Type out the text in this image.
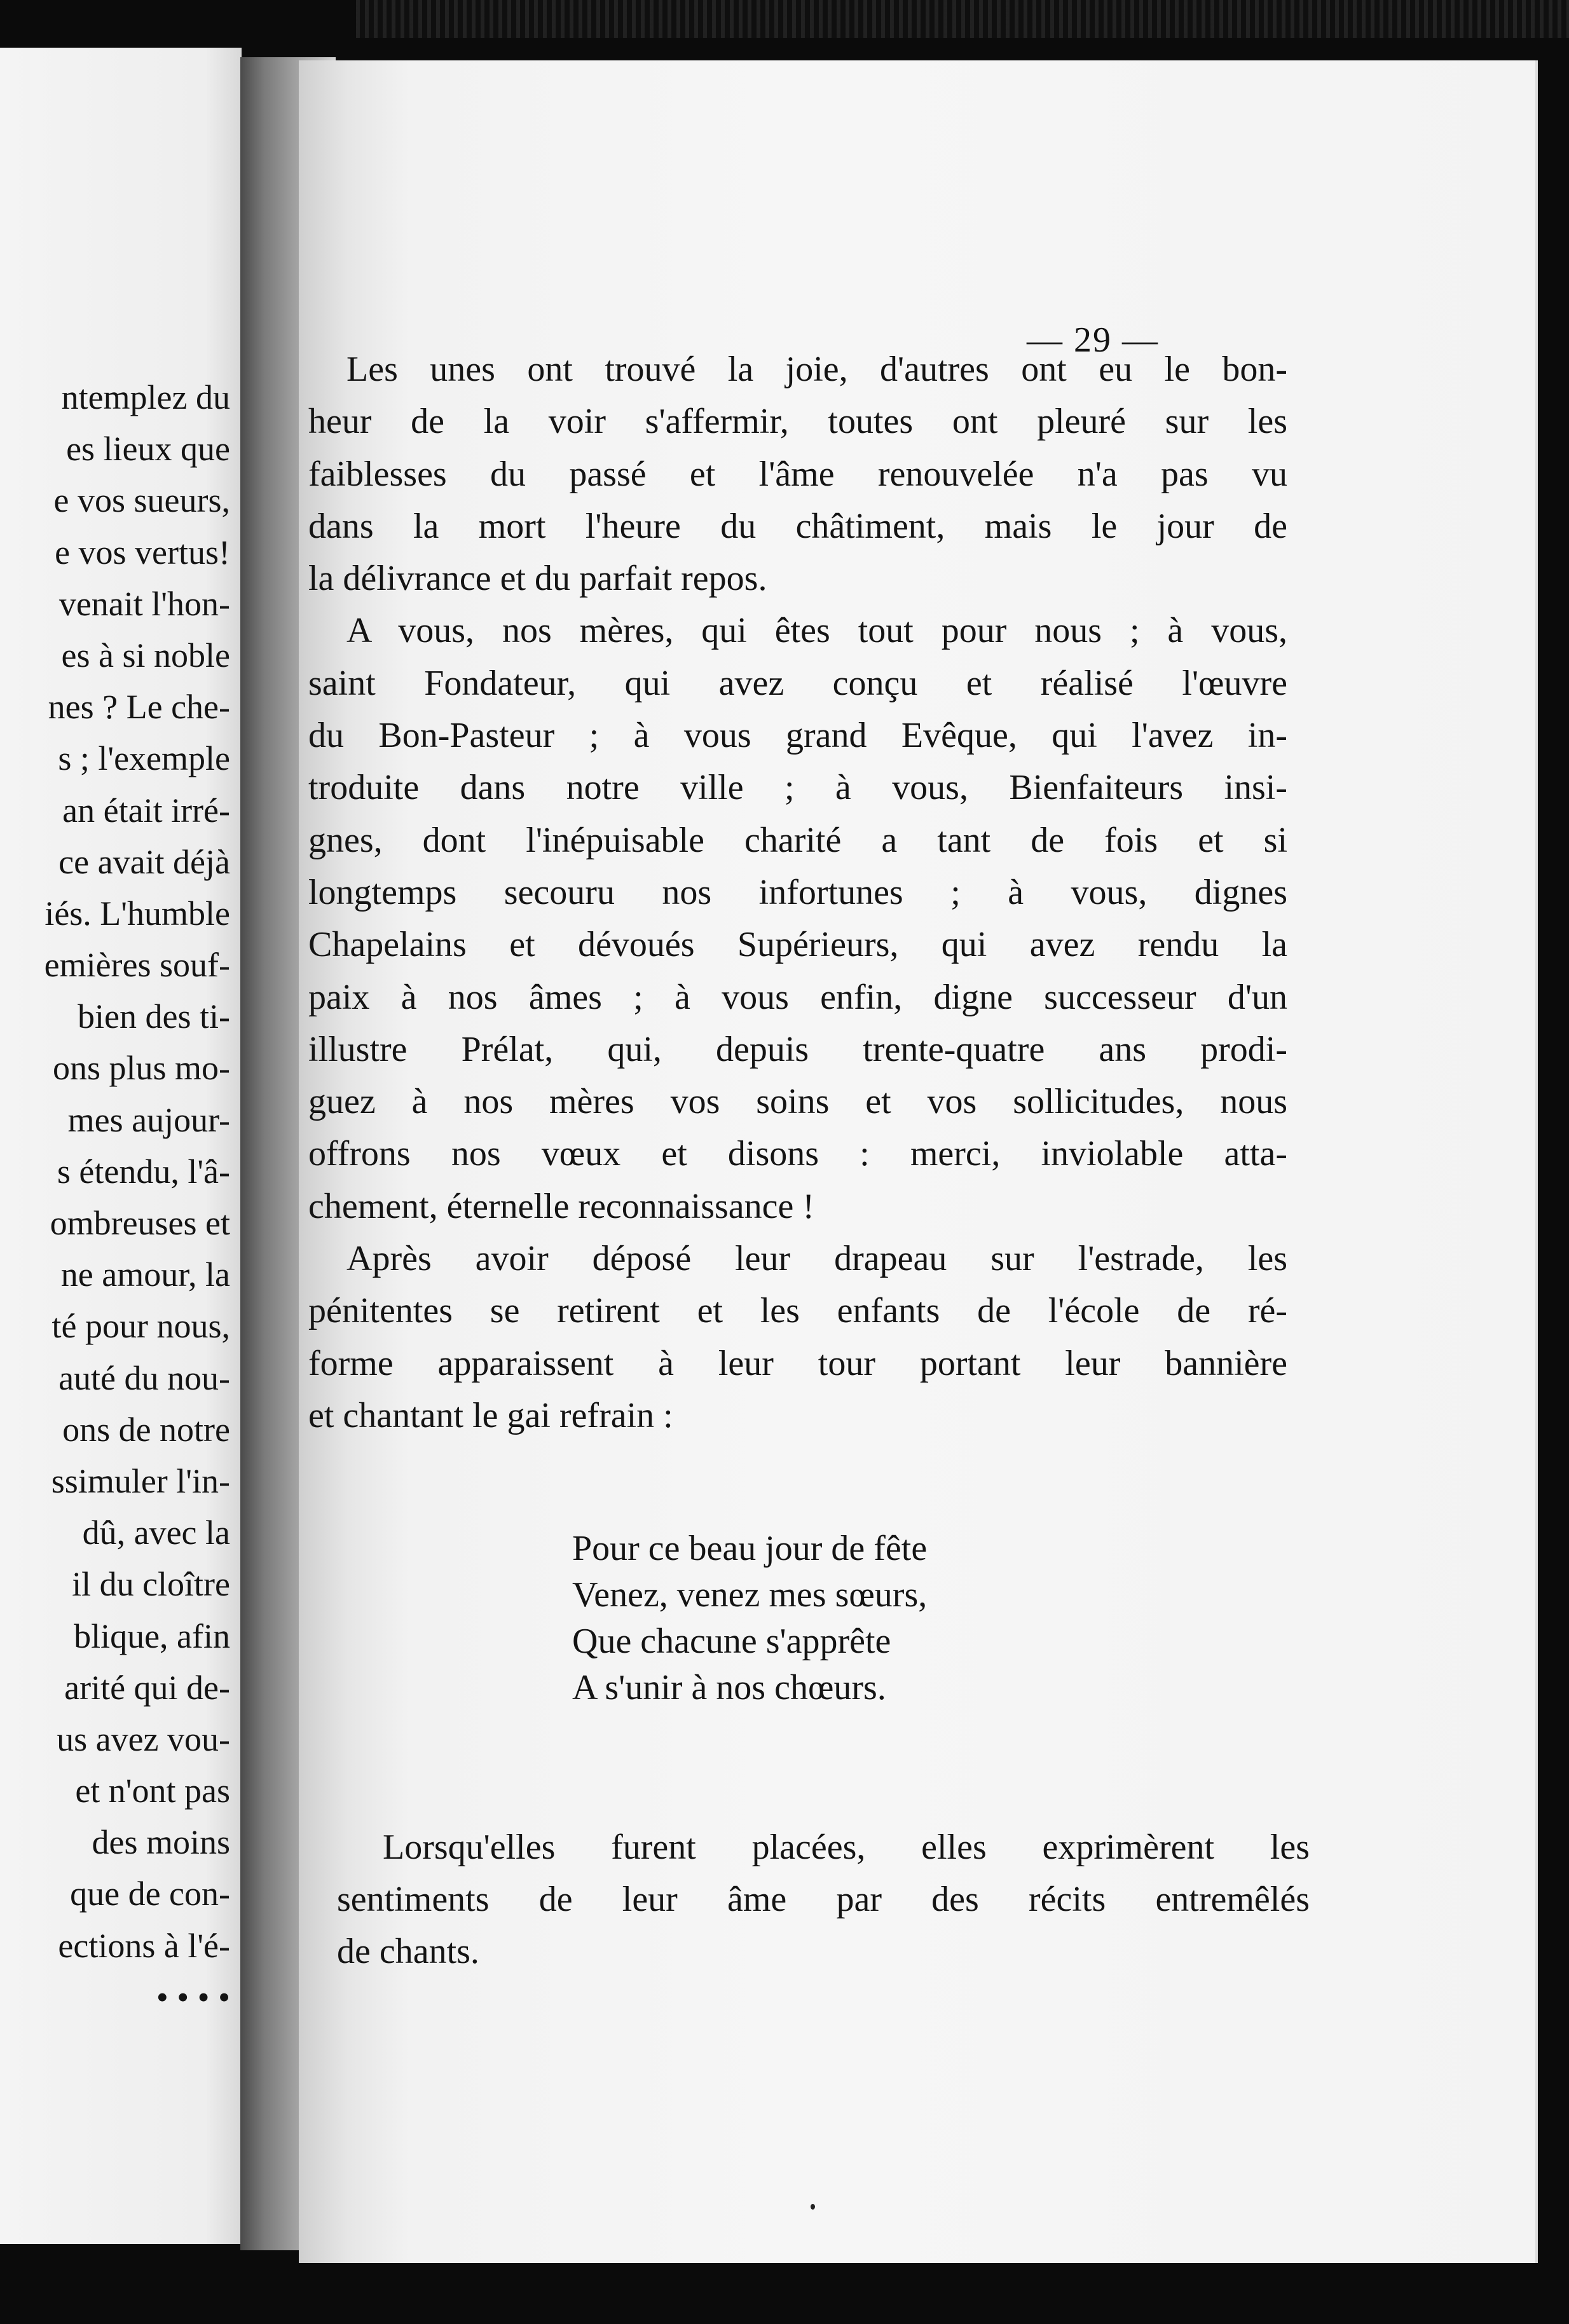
ntemplez du
es lieux que
e vos sueurs,
e vos vertus!
venait l'hon-
es à si noble
nes ? Le che-
s ; l'exemple
an était irré-
ce avait déjà
iés. L'humble
emières souf-
bien des ti-
ons plus mo-
mes aujour-
s étendu, l'â-
ombreuses et
ne amour, la
té pour nous,
auté du nou-
ons de notre
ssimuler l'in-
dû, avec la
il du cloître
blique, afin
arité qui de-
us avez vou-
et n'ont pas
des moins
que de con-
ections à l'é-
• • • •
— 29 —
Les unes ont trouvé la joie, d'autres ont eu le bon-
heur de la voir s'affermir, toutes ont pleuré sur les
faiblesses du passé et l'âme renouvelée n'a pas vu
dans la mort l'heure du châtiment, mais le jour de
la délivrance et du parfait repos.
A vous, nos mères, qui êtes tout pour nous ; à vous,
saint Fondateur, qui avez conçu et réalisé l'œuvre
du Bon-Pasteur ; à vous grand Evêque, qui l'avez in-
troduite dans notre ville ; à vous, Bienfaiteurs insi-
gnes, dont l'inépuisable charité a tant de fois et si
longtemps secouru nos infortunes ; à vous, dignes
Chapelains et dévoués Supérieurs, qui avez rendu la
paix à nos âmes ; à vous enfin, digne successeur d'un
illustre Prélat, qui, depuis trente-quatre ans prodi-
guez à nos mères vos soins et vos sollicitudes, nous
offrons nos vœux et disons : merci, inviolable atta-
chement, éternelle reconnaissance !
Après avoir déposé leur drapeau sur l'estrade, les
pénitentes se retirent et les enfants de l'école de ré-
forme apparaissent à leur tour portant leur bannière
et chantant le gai refrain :
Pour ce beau jour de fête
Venez, venez mes sœurs,
Que chacune s'apprête
A s'unir à nos chœurs.
Lorsqu'elles furent placées, elles exprimèrent les
sentiments de leur âme par des récits entremêlés
de chants.
